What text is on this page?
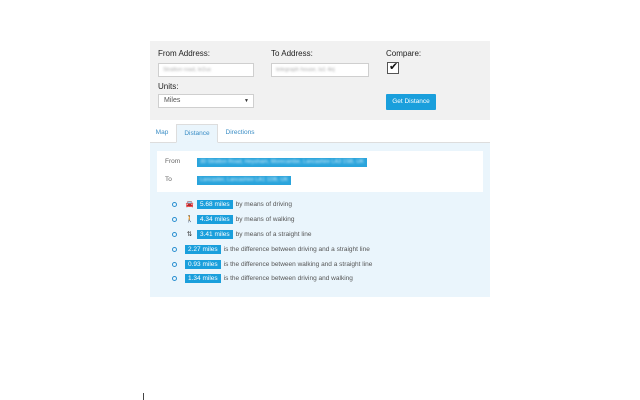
From Address:
Stratton road, le2us
To Address:
telegraph house, la1 4ej
Compare:
✔
Units:
Miles	▼	Get Distance
Map	Distance	Directions
From	30 Stratton Road, Heysham, Morecambe, Lancashire LA3 1SB, UK
To	Lancaster, Lancashire LA1 1DB, UK
🚘 5.68 miles by means of driving
🚶 4.34 miles by means of walking
⇅	3.41 miles by means of a straight line
2.27 miles is the difference between driving and a straight line
0.93 miles is the difference between walking and a straight line
1.34 miles is the difference between driving and walking
